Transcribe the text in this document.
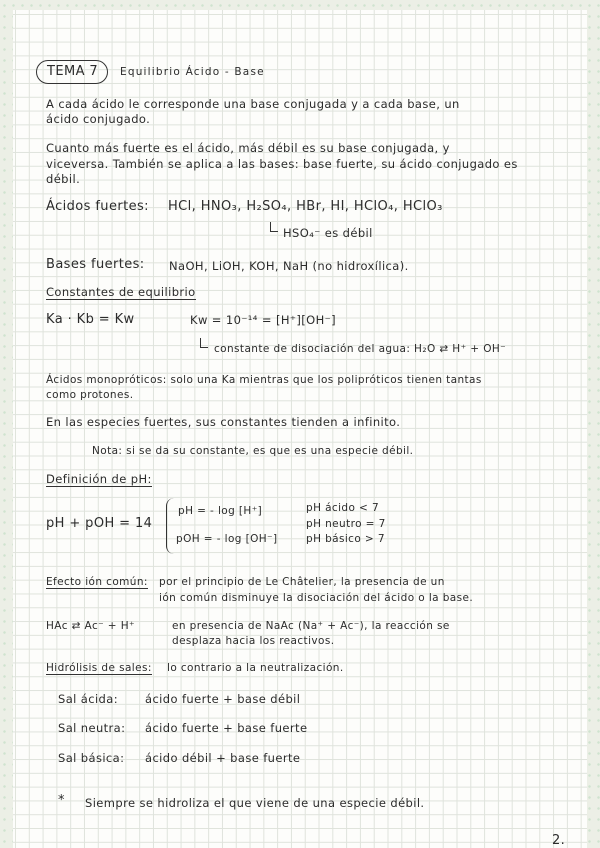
TEMA 7 Equilibrio Ácido - Base
A cada ácido le corresponde una base conjugada y a cada base, un
ácido conjugado.
Cuanto más fuerte es el ácido, más débil es su base conjugada, y
viceversa. También se aplica a las bases: base fuerte, su ácido conjugado es
débil.
Ácidos fuertes: HCl, HNO₃, H₂SO₄, HBr, HI, HClO₄, HClO₃
HSO₄⁻ es débil
Bases fuertes: NaOH, LiOH, KOH, NaH (no hidroxílica).
Constantes de equilibrio
Ka · Kb = Kw	Kw = 10⁻¹⁴ = [H⁺][OH⁻]
constante de disociación del agua: H₂O ⇄ H⁺ + OH⁻
Ácidos monopróticos: solo una Ka mientras que los polipróticos tienen tantas
como protones.
En las especies fuertes, sus constantes tienden a infinito.
Nota: si se da su constante, es que es una especie débil.
Definición de pH:
pH + pOH = 14
pH = - log [H⁺]
pOH = - log [OH⁻]
pH ácido < 7
pH neutro = 7
pH básico > 7
Efecto ión común: por el principio de Le Châtelier, la presencia de un
ión común disminuye la disociación del ácido o la base.
HAc ⇄ Ac⁻ + H⁺	en presencia de NaAc (Na⁺ + Ac⁻), la reacción se
desplaza hacia los reactivos.
Hidrólisis de sales: lo contrario a la neutralización.
Sal ácida: ácido fuerte + base débil
Sal neutra: ácido fuerte + base fuerte
Sal básica: ácido débil + base fuerte
* Siempre se hidroliza el que viene de una especie débil.
2.
